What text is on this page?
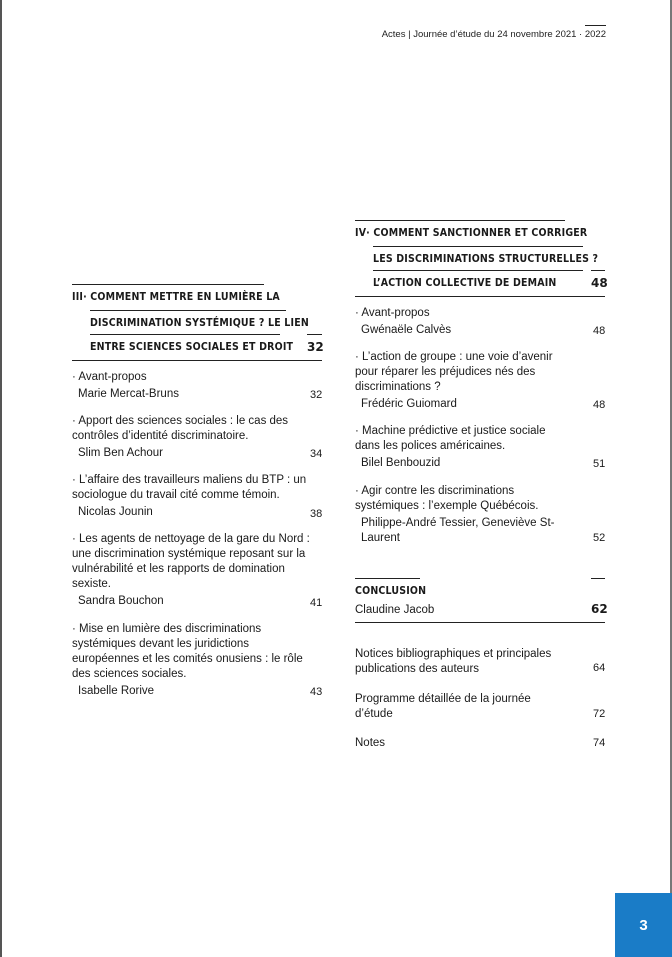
Actes | Journée d’étude du 24 novembre 2021 · 2022
III· COMMENT METTRE EN LUMIÈRE LA
DISCRIMINATION SYSTÉMIQUE ? LE LIEN
ENTRE SCIENCES SOCIALES ET DROIT 32
· Avant-propos
Marie Mercat-Bruns	32
· Apport des sciences sociales : le cas des contrôles d’identité discriminatoire.
Slim Ben Achour	34
· L’affaire des travailleurs maliens du BTP : un sociologue du travail cité comme témoin.
Nicolas Jounin	38
· Les agents de nettoyage de la gare du Nord : une discrimination systémique reposant sur la vulnérabilité et les rapports de domination sexiste.
Sandra Bouchon	41
· Mise en lumière des discriminations systémiques devant les juridictions européennes et les comités onusiens : le rôle des sciences sociales.
Isabelle Rorive	43
IV· COMMENT SANCTIONNER ET CORRIGER
LES DISCRIMINATIONS STRUCTURELLES ?
L’ACTION COLLECTIVE DE DEMAIN	48
· Avant-propos
Gwénaële Calvès	48
· L’action de groupe : une voie d’avenir pour réparer les préjudices nés des discriminations ?
Frédéric Guiomard	48
· Machine prédictive et justice sociale dans les polices américaines.
Bilel Benbouzid	51
· Agir contre les discriminations systémiques : l’exemple Québécois.
Philippe-André Tessier, Geneviève St-Laurent	52
CONCLUSION
Claudine Jacob	62
Notices bibliographiques et principales publications des auteurs	64
Programme détaillée de la journée d’étude	72
Notes	74
3
